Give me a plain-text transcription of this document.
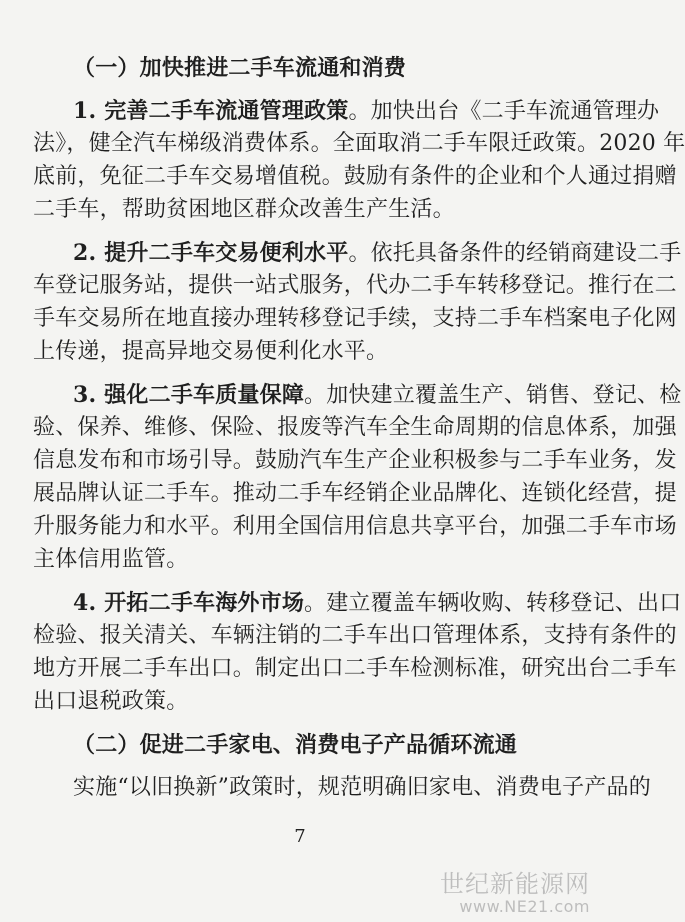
（一）加快推进二手车流通和消费
1. 完善二手车流通管理政策。加快出台《二手车流通管理办
法》，健全汽车梯级消费体系。全面取消二手车限迁政策。2020 年
底前，免征二手车交易增值税。鼓励有条件的企业和个人通过捐赠
二手车，帮助贫困地区群众改善生产生活。
2. 提升二手车交易便利水平。依托具备条件的经销商建设二手
车登记服务站，提供一站式服务，代办二手车转移登记。推行在二
手车交易所在地直接办理转移登记手续，支持二手车档案电子化网
上传递，提高异地交易便利化水平。
3. 强化二手车质量保障。加快建立覆盖生产、销售、登记、检
验、保养、维修、保险、报废等汽车全生命周期的信息体系，加强
信息发布和市场引导。鼓励汽车生产企业积极参与二手车业务，发
展品牌认证二手车。推动二手车经销企业品牌化、连锁化经营，提
升服务能力和水平。利用全国信用信息共享平台，加强二手车市场
主体信用监管。
4. 开拓二手车海外市场。建立覆盖车辆收购、转移登记、出口
检验、报关清关、车辆注销的二手车出口管理体系，支持有条件的
地方开展二手车出口。制定出口二手车检测标准，研究出台二手车
出口退税政策。
（二）促进二手家电、消费电子产品循环流通
实施“以旧换新”政策时，规范明确旧家电、消费电子产品的
7
世纪新能源网
www.NE21.com
